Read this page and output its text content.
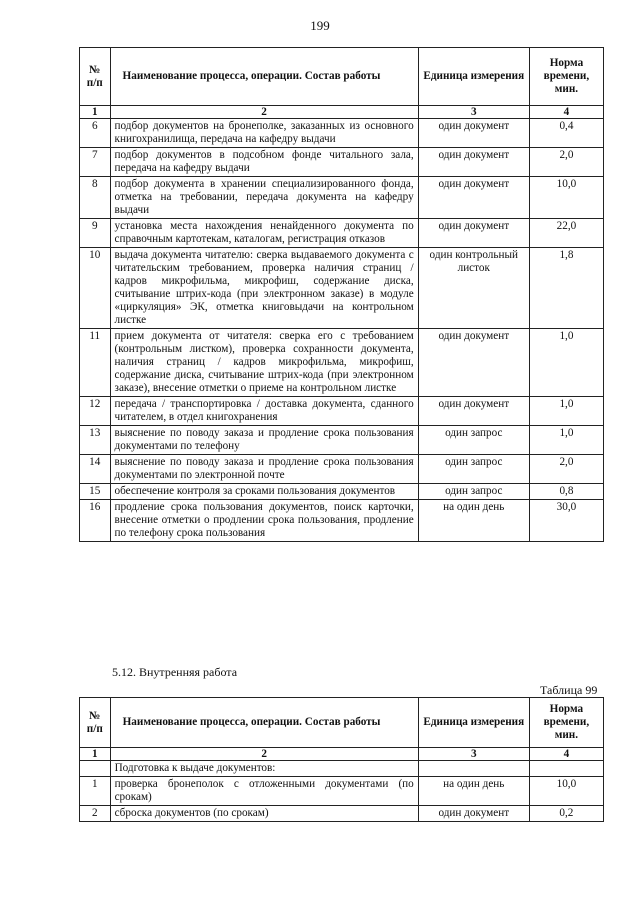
199
№ п/п	Наименование процесса, операции. Состав работы	Единица измерения	Норма времени, мин.
1	2	3	4
6	подбор документов на бронеполке, заказанных из основного книгохранилища, передача на кафедру выдачи	один документ	0,4
7	подбор документов в подсобном фонде читального зала, передача на кафедру выдачи	один документ	2,0
8	подбор документа в хранении специализированного фонда, отметка на требовании, передача документа на кафедру выдачи	один документ	10,0
9	установка места нахождения ненайденного документа по справочным картотекам, каталогам, регистрация отказов	один документ	22,0
10	выдача документа читателю: сверка выдаваемого документа с читательским требованием, проверка наличия страниц / кадров микрофильма, микрофиш, содержание диска, считывание штрих-кода (при электронном заказе) в модуле «циркуляция» ЭК, отметка книговыдачи на контрольном листке	один контрольный листок	1,8
11	прием документа от читателя: сверка его с требованием (контрольным листком), проверка сохранности документа, наличия страниц / кадров микрофильма, микрофиш, содержание диска, считывание штрих-кода (при электронном заказе), внесение отметки о приеме на контрольном листке	один документ	1,0
12	передача / транспортировка / доставка документа, сданного читателем, в отдел книгохранения	один документ	1,0
13	выяснение по поводу заказа и продление срока пользования документами по телефону	один запрос	1,0
14	выяснение по поводу заказа и продление срока пользования документами по электронной почте	один запрос	2,0
15	обеспечение контроля за сроками пользования документов	один запрос	0,8
16	продление срока пользования документов, поиск карточки, внесение отметки о продлении срока пользования, продление по телефону срока пользования	на один день	30,0
5.12. Внутренняя работа
Таблица 99
№ п/п	Наименование процесса, операции. Состав работы	Единица измерения	Норма времени, мин.
1	2	3	4
	Подготовка к выдаче документов:		
1	проверка бронеполок с отложенными документами (по срокам)	на один день	10,0
2	сброска документов (по срокам)	один документ	0,2
